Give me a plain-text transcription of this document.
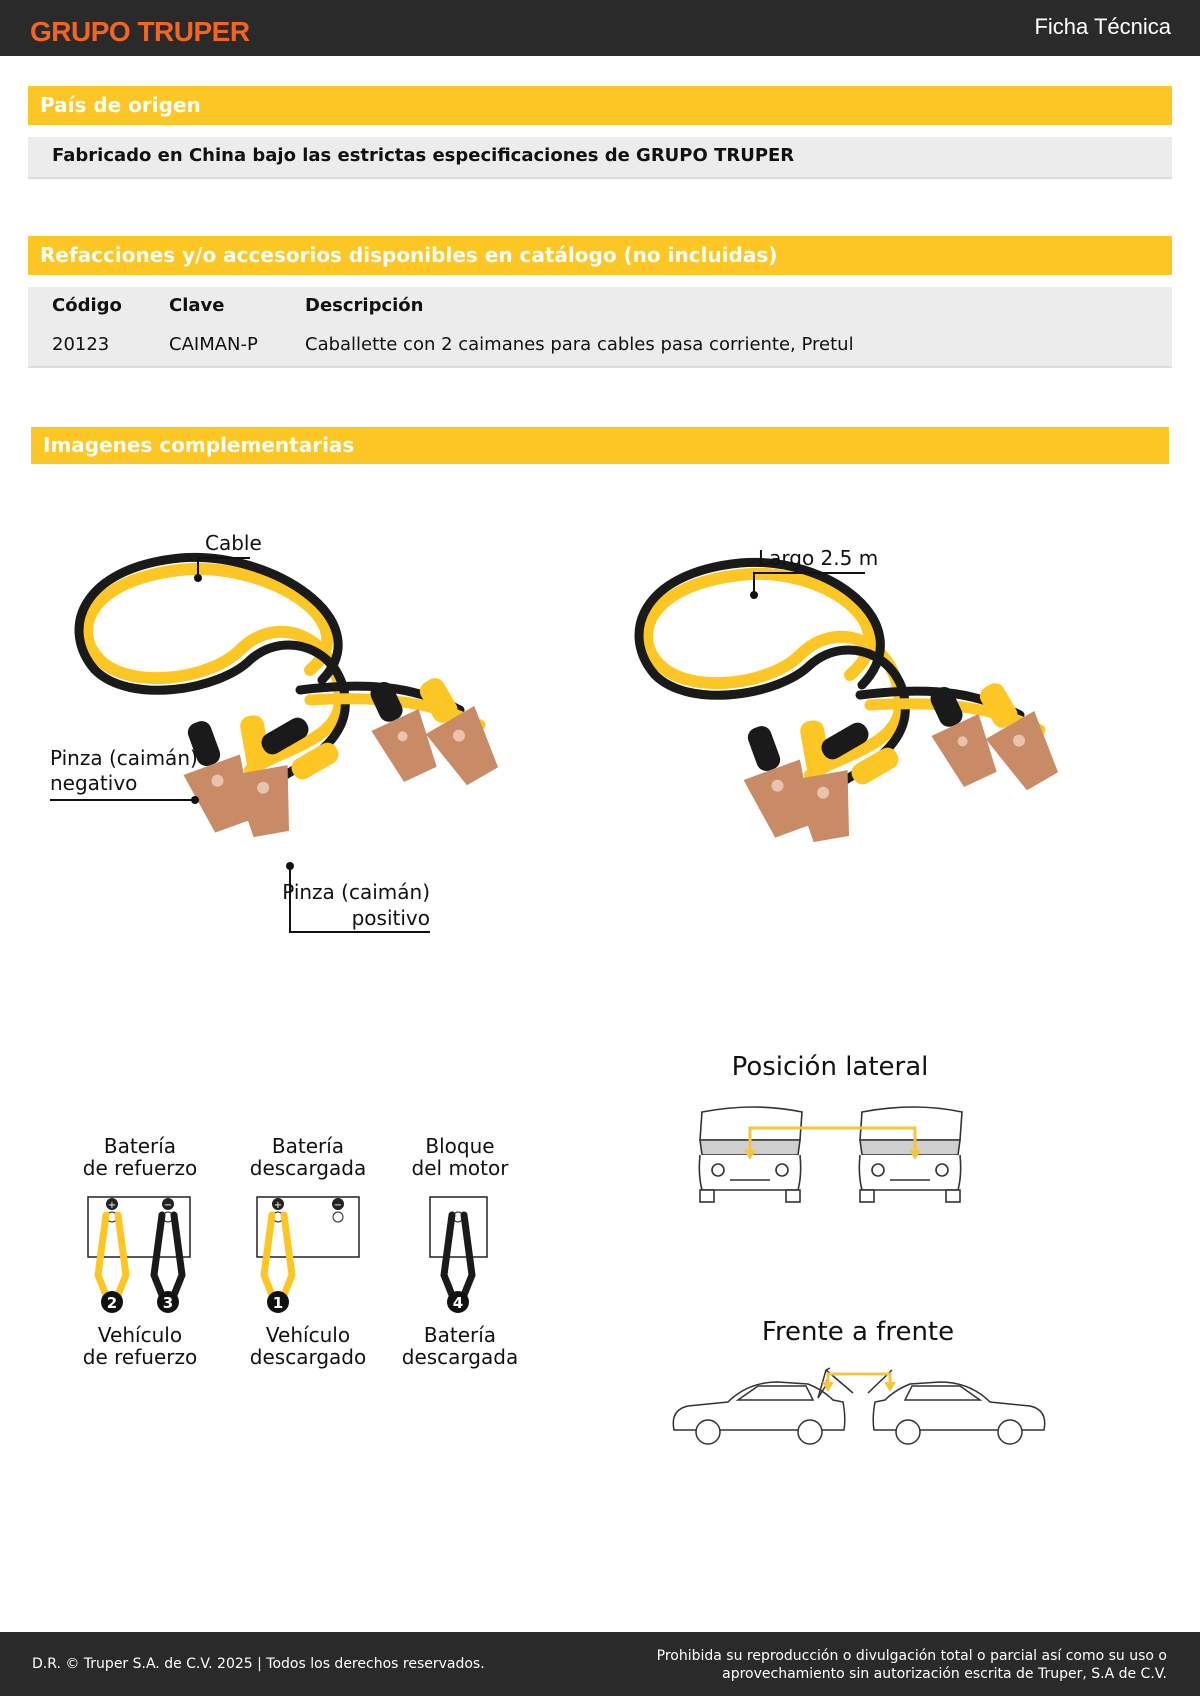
GRUPO TRUPER	Ficha Técnica
País de origen
Fabricado en China bajo las estrictas especificaciones de GRUPO TRUPER
Refacciones y/o accesorios disponibles en catálogo (no incluidas)
Código	Clave	Descripción
20123	CAIMAN-P	Caballette con 2 caimanes para cables pasa corriente, Pretul
Imagenes complementarias
Cable
Pinza (caimán)
negativo
Pinza (caimán)
positivo
Largo 2.5 m
Batería
de refuerzo
Batería
descargada
Bloque
del motor
+	−	+	−
2	3	1	4
Vehículo
de refuerzo
Vehículo
descargado
Batería
descargada
Posición lateral
Frente a frente
D.R. © Truper S.A. de C.V. 2025 | Todos los derechos reservados.	Prohibida su reproducción o divulgación total o parcial así como su uso o
aprovechamiento sin autorización escrita de Truper, S.A de C.V.
